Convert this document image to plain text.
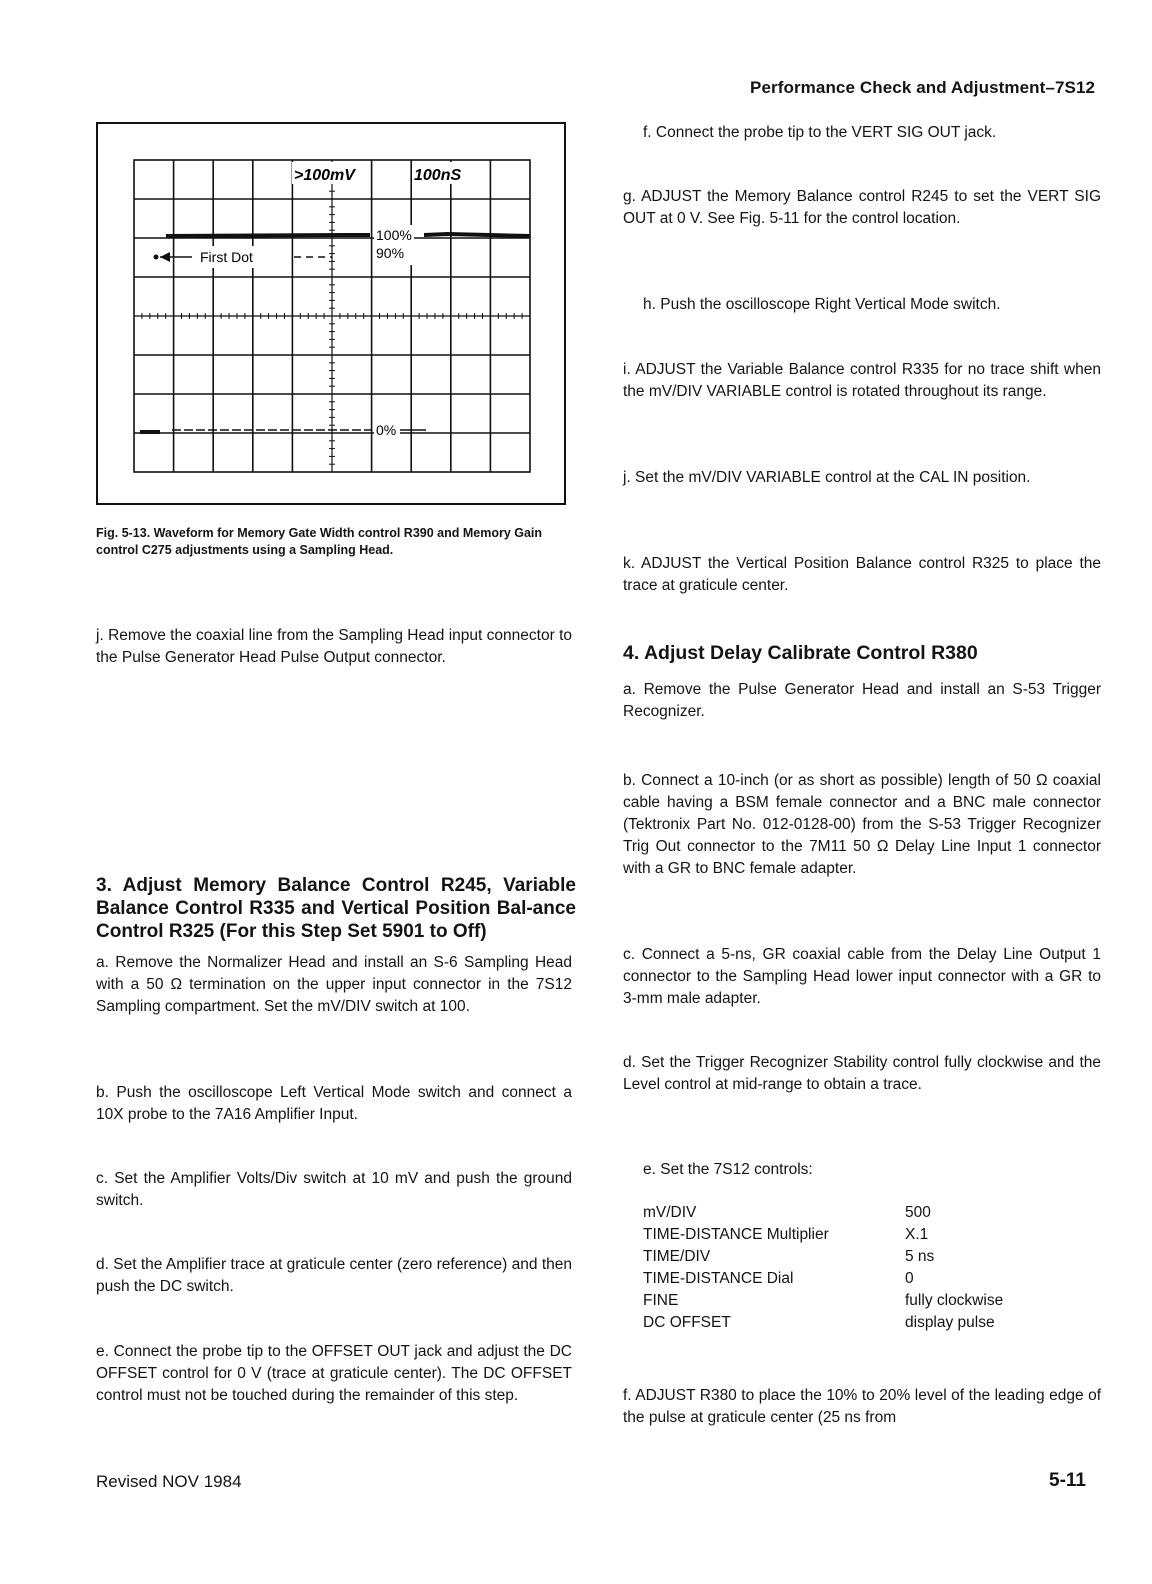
Performance Check and Adjustment–7S12
>100mV	100nS
First Dot
100%
90%
0%
Fig. 5-13. Waveform for Memory Gate Width control R390 and Memory Gain control C275 adjustments using a Sampling Head.
j. Remove the coaxial line from the Sampling Head input connector to the Pulse Generator Head Pulse Output connector.
3. Adjust Memory Balance Control R245, Variable Balance Control R335 and Vertical Position Bal-ance Control R325 (For this Step Set 5901 to Off)
a. Remove the Normalizer Head and install an S-6 Sampling Head with a 50 Ω termination on the upper input connector in the 7S12 Sampling compartment. Set the mV/DIV switch at 100.
b. Push the oscilloscope Left Vertical Mode switch and connect a 10X probe to the 7A16 Amplifier Input.
c. Set the Amplifier Volts/Div switch at 10 mV and push the ground switch.
d. Set the Amplifier trace at graticule center (zero reference) and then push the DC switch.
e. Connect the probe tip to the OFFSET OUT jack and adjust the DC OFFSET control for 0 V (trace at graticule center). The DC OFFSET control must not be touched during the remainder of this step.
f. Connect the probe tip to the VERT SIG OUT jack.
g. ADJUST the Memory Balance control R245 to set the VERT SIG OUT at 0 V. See Fig. 5-11 for the control location.
h. Push the oscilloscope Right Vertical Mode switch.
i. ADJUST the Variable Balance control R335 for no trace shift when the mV/DIV VARIABLE control is rotated throughout its range.
j. Set the mV/DIV VARIABLE control at the CAL IN position.
k. ADJUST the Vertical Position Balance control R325 to place the trace at graticule center.
4. Adjust Delay Calibrate Control R380
a. Remove the Pulse Generator Head and install an S-53 Trigger Recognizer.
b. Connect a 10-inch (or as short as possible) length of 50 Ω coaxial cable having a BSM female connector and a BNC male connector (Tektronix Part No. 012-0128-00) from the S-53 Trigger Recognizer Trig Out connector to the 7M11 50 Ω Delay Line Input 1 connector with a GR to BNC female adapter.
c. Connect a 5-ns, GR coaxial cable from the Delay Line Output 1 connector to the Sampling Head lower input connector with a GR to 3-mm male adapter.
d. Set the Trigger Recognizer Stability control fully clockwise and the Level control at mid-range to obtain a trace.
e. Set the 7S12 controls:
mV/DIV	500
TIME-DISTANCE Multiplier	X.1
TIME/DIV	5 ns
TIME-DISTANCE Dial	0
FINE	fully clockwise
DC OFFSET	display pulse
f. ADJUST R380 to place the 10% to 20% level of the leading edge of the pulse at graticule center (25 ns from
Revised NOV 1984	5-11
